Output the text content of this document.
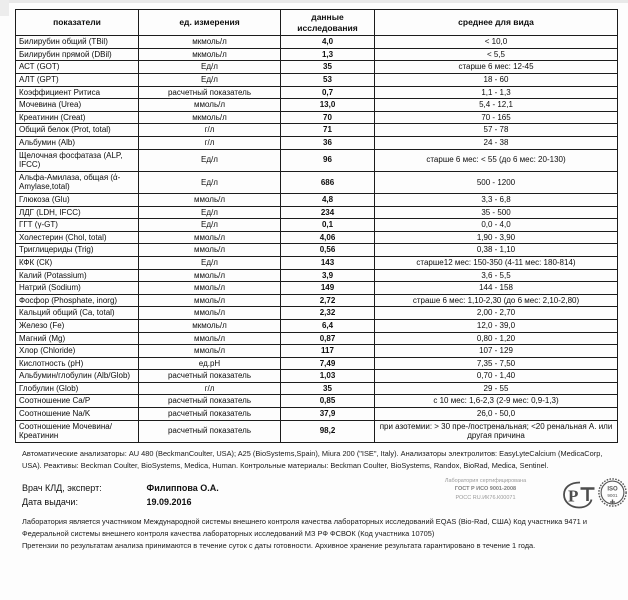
показатели	ед. измерения	данные исследования	среднее для вида
Билирубин общий (TBil)	мкмоль/л	4,0	< 10,0
Билирубин прямой (DBil)	мкмоль/л	1,3	< 5,5
АСТ (GOT)	Ед/л	35	старше 6 мес: 12-45
АЛТ (GPT)	Ед/л	53	18 - 60
Коэффициент Ритиса	расчетный показатель	0,7	1,1 - 1,3
Мочевина (Urea)	ммоль/л	13,0	5,4 - 12,1
Креатинин (Creat)	мкмоль/л	70	70 - 165
Общий белок (Prot, total)	г/л	71	57 - 78
Альбумин (Alb)	г/л	36	24 - 38
Щелочная фосфатаза (ALP, IFCC)	Ед/л	96	старше 6 мес: < 55 (до 6 мес: 20-130)
Альфа-Амилаза, общая (ά-Amylase,total)	Ед/л	686	500 - 1200
Глюкоза (Glu)	ммоль/л	4,8	3,3 - 6,8
ЛДГ (LDH, IFCC)	Ед/л	234	35 - 500
ГГТ (γ-GT)	Ед/л	0,1	0,0 - 4,0
Холестерин (Chol, total)	ммоль/л	4,06	1,90 - 3,90
Триглицериды (Trig)	ммоль/л	0,56	0,38 - 1,10
КФК (СК)	Ед/л	143	старше12 мес: 150-350 (4-11 мес: 180-814)
Калий (Potassium)	ммоль/л	3,9	3,6 - 5,5
Натрий (Sodium)	ммоль/л	149	144 - 158
Фосфор (Phosphate, inorg)	ммоль/л	2,72	страше 6 мес: 1,10-2,30 (до 6 мес: 2,10-2,80)
Кальций общий (Ca, total)	ммоль/л	2,32	2,00 - 2,70
Железо (Fe)	мкмоль/л	6,4	12,0 - 39,0
Магний (Mg)	ммоль/л	0,87	0,80 - 1,20
Хлор (Chloride)	ммоль/л	117	107 - 129
Кислотность (pH)	ед.pH	7,49	7,35 - 7,50
Альбумин/глобулин (Alb/Glob)	расчетный показатель	1,03	0,70 - 1,40
Глобулин (Glob)	г/л	35	29 - 55
Соотношение Ca/P	расчетный показатель	0,85	с 10 мес: 1,6-2,3 (2-9 мес: 0,9-1,3)
Соотношение Na/K	расчетный показатель	37,9	26,0 - 50,0
Соотношение Мочевина/Креатинин	расчетный показатель	98,2	при азотемии: > 30 пре-/постренальная; <20 ренальная А. или другая причина

Автоматические анализаторы: AU 480 (BeckmanCoulter, USA); A25 (BioSystems,Spain), Miura 200 ("ISE", Italy). Анализаторы электролитов: EasyLyteCalcium (MedicaCorp, USA). Реактивы: Beckman Coulter, BioSystems, Medica, Human. Контрольные материалы: Beckman Coulter, BioSystems, Randox, BioRad, Medica, Sentinel.

Врач КЛД, эксперт:	Филиппова О.А.
Дата выдачи:	19.09.2016
Лаборатория сертифицирована
ГОСТ Р ИСО 9001-2008
РОСС RU.ИК76.К00071	Р	ISO
9001
Лаборатория является участником Международной системы внешнего контроля качества лабораторных исследований EQAS (Bio-Rad, США) Код участника 9471 и Федеральной системы внешнего контроля качества лабораторных исследований МЗ РФ ФСВОК (Код участника 10705)
Претензии по результатам анализа принимаются в течение суток с даты готовности. Архивное хранение результата гарантировано в течение 1 года.
